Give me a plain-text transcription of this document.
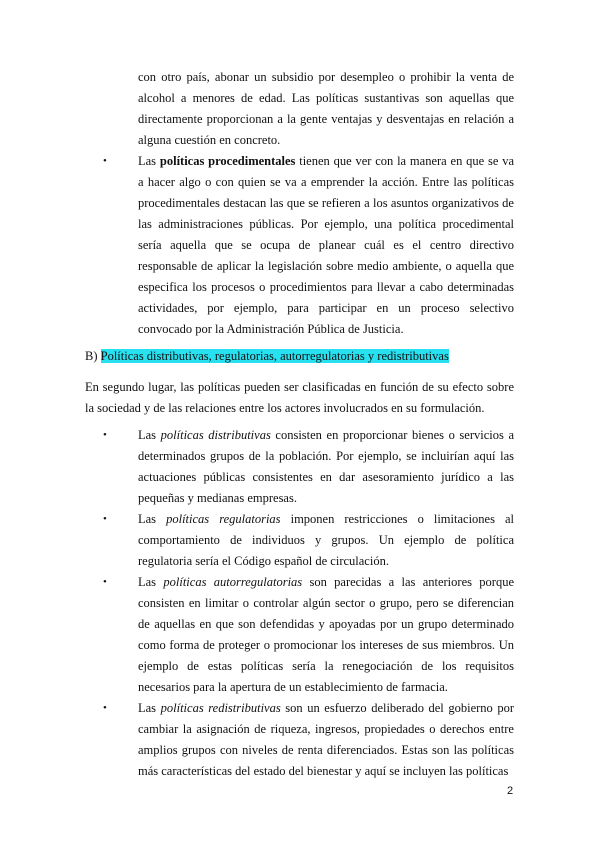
con otro país, abonar un subsidio por desempleo o prohibir la venta de alcohol a menores de edad. Las políticas sustantivas son aquellas que directamente proporcionan a la gente ventajas y desventajas en relación a alguna cuestión en concreto.

• Las políticas procedimentales tienen que ver con la manera en que se va a hacer algo o con quien se va a emprender la acción. Entre las políticas procedimentales destacan las que se refieren a los asuntos organizativos de las administraciones públicas. Por ejemplo, una política procedimental sería aquella que se ocupa de planear cuál es el centro directivo responsable de aplicar la legislación sobre medio ambiente, o aquella que especifica los procesos o procedimientos para llevar a cabo determinadas actividades, por ejemplo, para participar en un proceso selectivo convocado por la Administración Pública de Justicia.

B) Políticas distributivas, regulatorias, autorregulatorias y redistributivas

En segundo lugar, las políticas pueden ser clasificadas en función de su efecto sobre la sociedad y de las relaciones entre los actores involucrados en su formulación.

• Las políticas distributivas consisten en proporcionar bienes o servicios a determinados grupos de la población. Por ejemplo, se incluirían aquí las actuaciones públicas consistentes en dar asesoramiento jurídico a las pequeñas y medianas empresas.

• Las políticas regulatorias imponen restricciones o limitaciones al comportamiento de individuos y grupos. Un ejemplo de política regulatoria sería el Código español de circulación.

• Las políticas autorregulatorias son parecidas a las anteriores porque consisten en limitar o controlar algún sector o grupo, pero se diferencian de aquellas en que son defendidas y apoyadas por un grupo determinado como forma de proteger o promocionar los intereses de sus miembros. Un ejemplo de estas políticas sería la renegociación de los requisitos necesarios para la apertura de un establecimiento de farmacia.

• Las políticas redistributivas son un esfuerzo deliberado del gobierno por cambiar la asignación de riqueza, ingresos, propiedades o derechos entre amplios grupos con niveles de renta diferenciados. Estas son las políticas más características del estado del bienestar y aquí se incluyen las políticas

2
